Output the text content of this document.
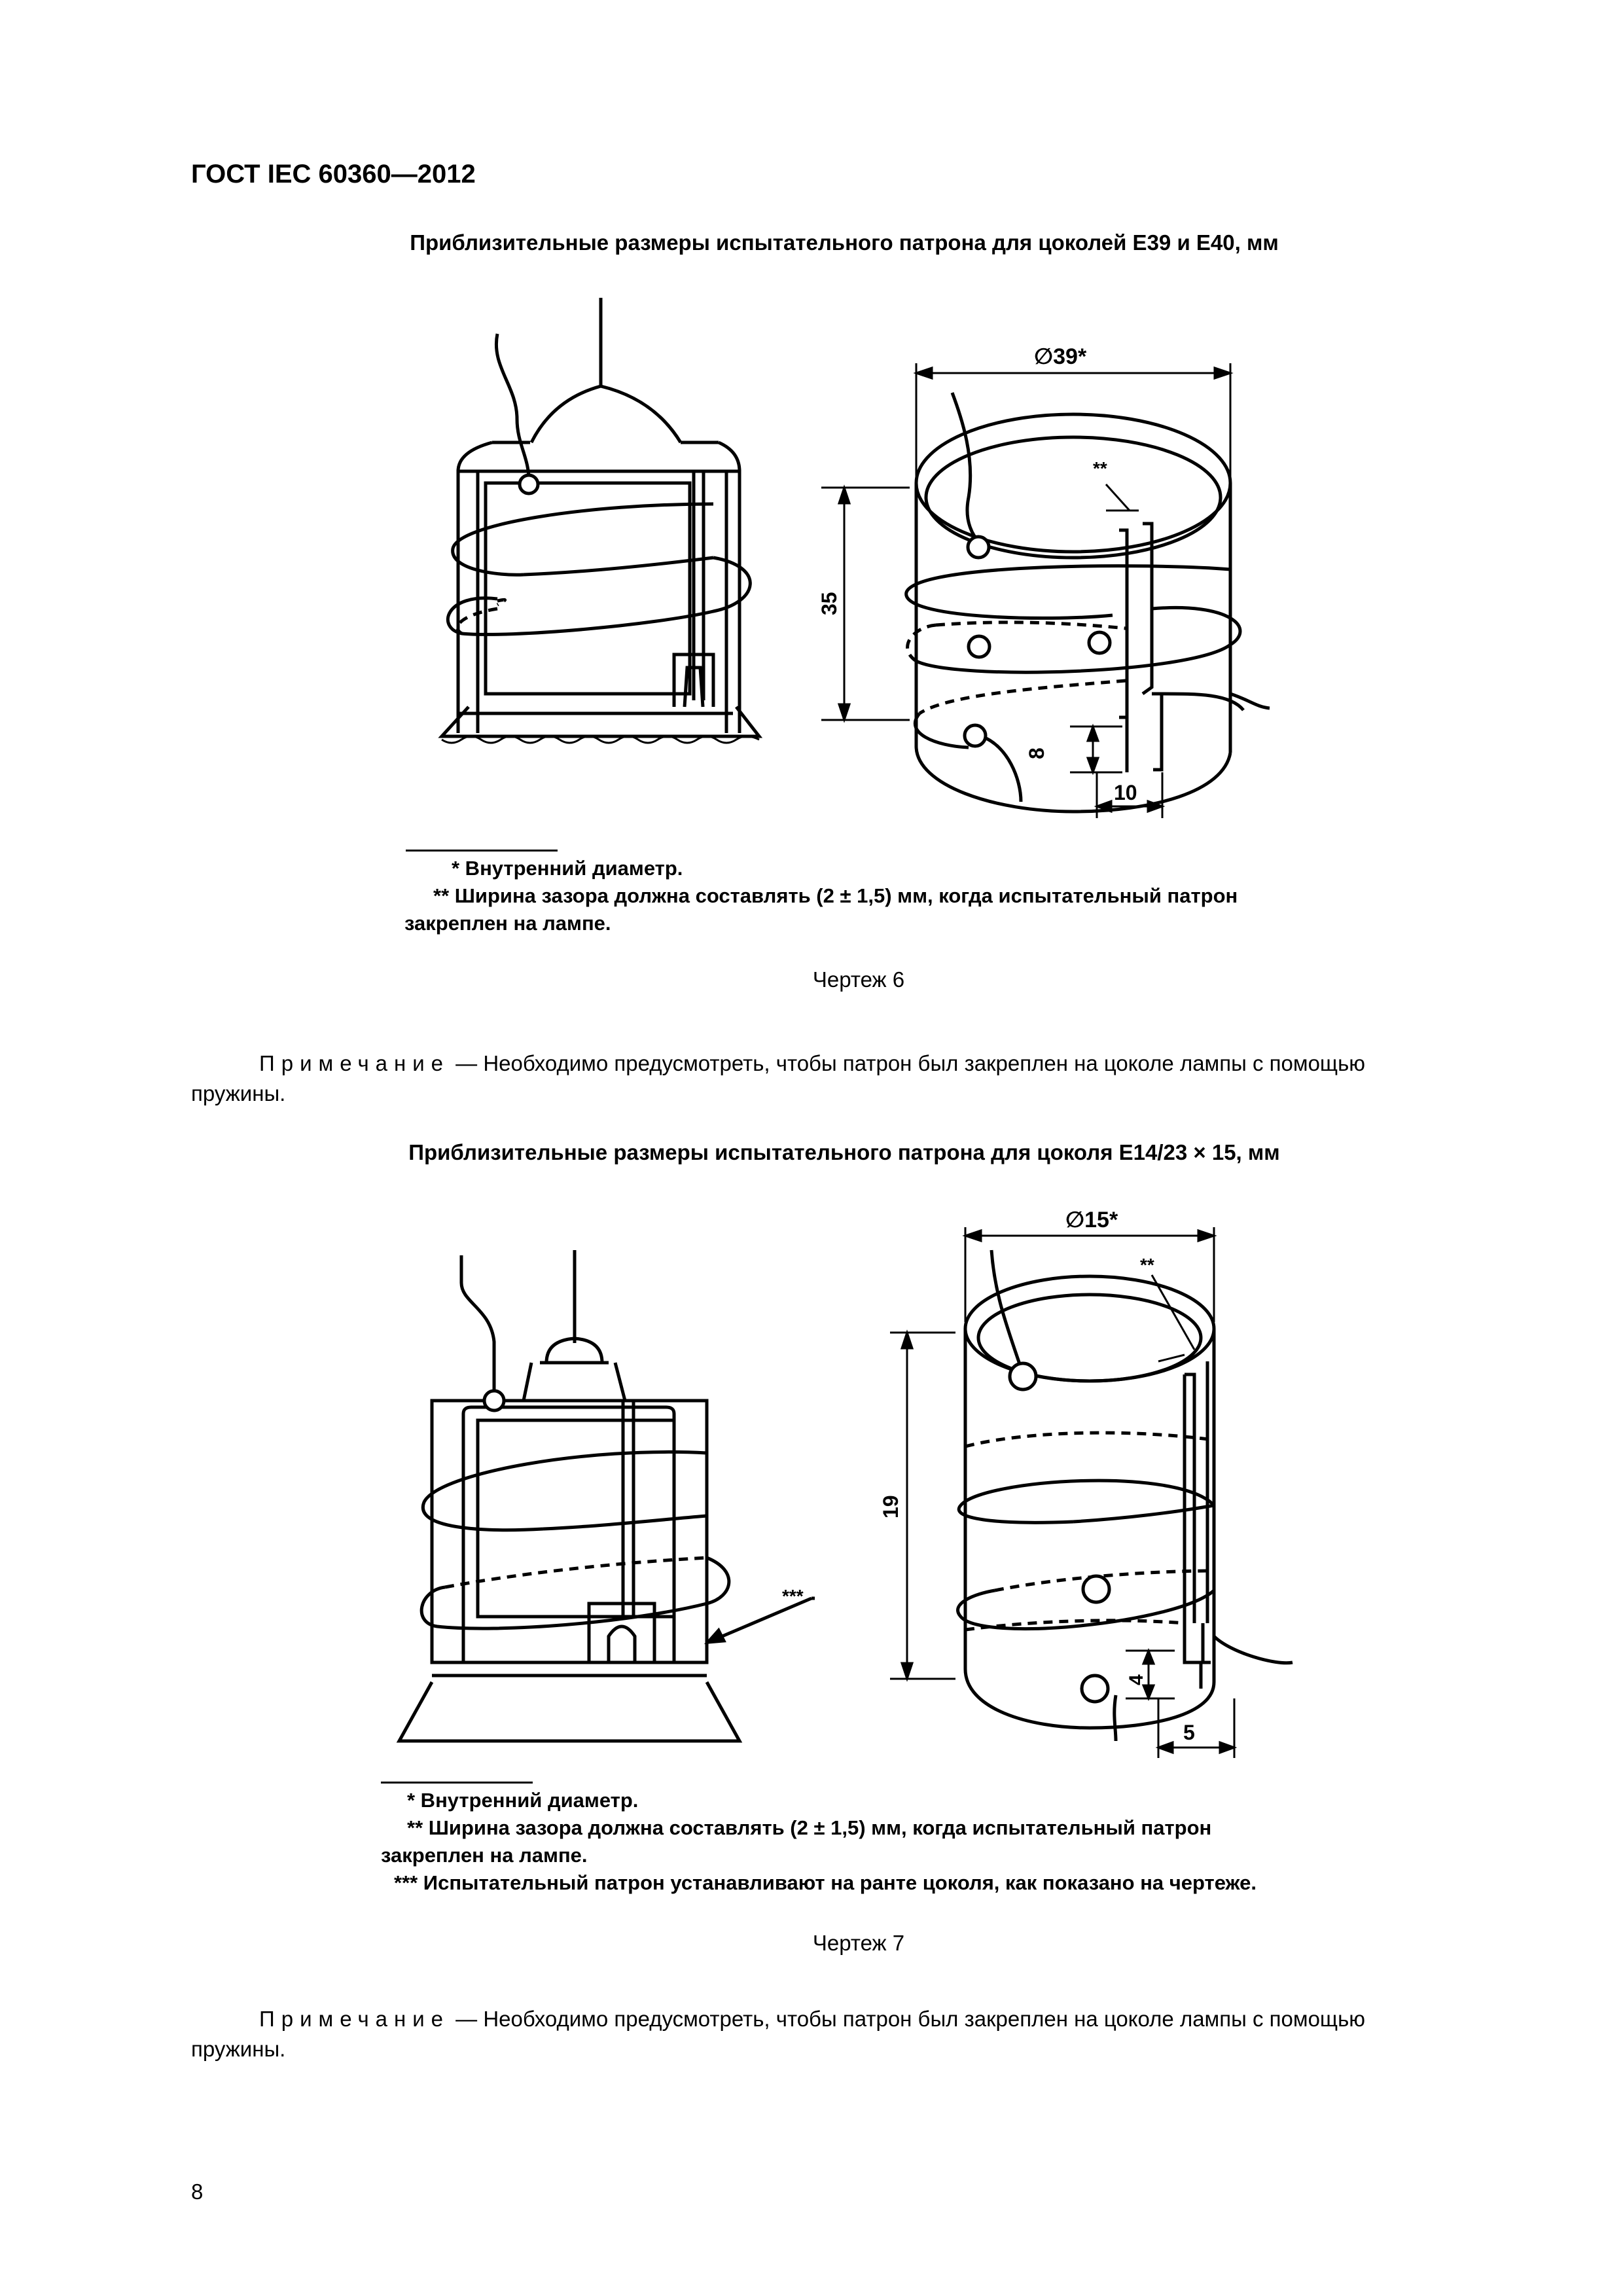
ГОСТ IEC 60360—2012
Приблизительные размеры испытательного патрона для цоколей Е39 и Е40, мм
∅39*
**
35
8
10
* Внутренний диаметр.
** Ширина зазора должна составлять (2 ± 1,5) мм, когда испытательный патрон
закреплен на лампе.
Чертеж 6
Примечание — Необходимо предусмотреть, чтобы патрон был закреплен на цоколе лампы с помощью
пружины.
Приблизительные размеры испытательного патрона для цоколя Е14/23 × 15, мм
∅15*
**
***
19
4
5
* Внутренний диаметр.
** Ширина зазора должна составлять (2 ± 1,5) мм, когда испытательный патрон
закреплен на лампе.
*** Испытательный патрон устанавливают на ранте цоколя, как показано на чертеже.
Чертеж 7
Примечание — Необходимо предусмотреть, чтобы патрон был закреплен на цоколе лампы с помощью
пружины.
8
